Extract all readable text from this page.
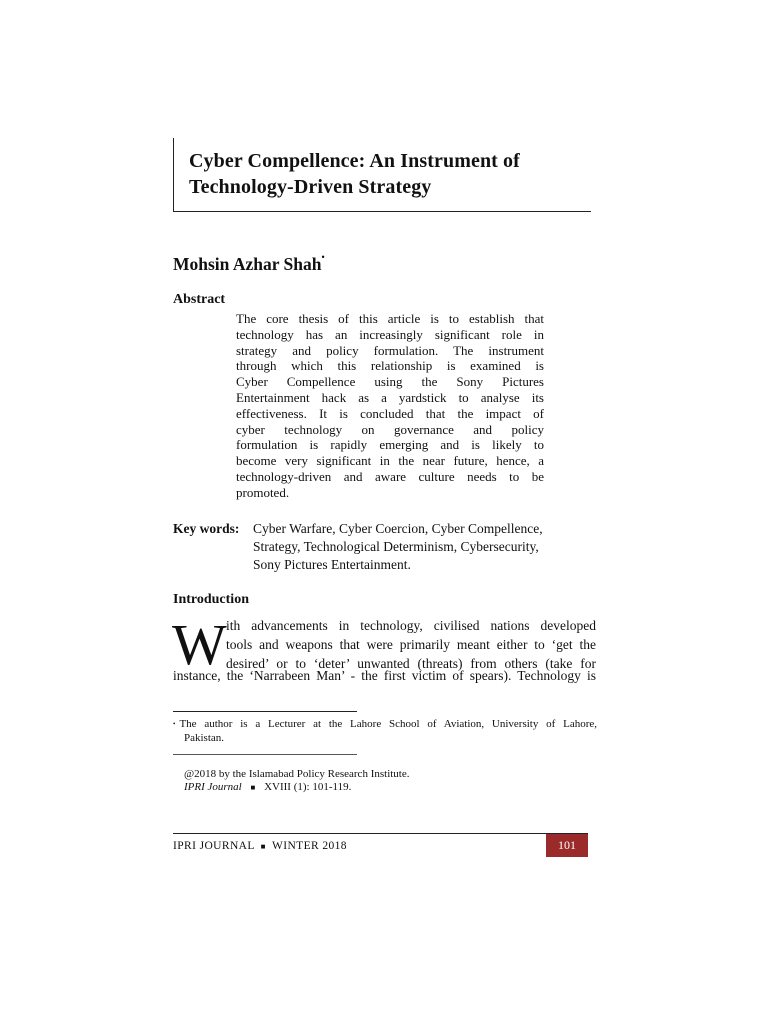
Cyber Compellence: An Instrument of
Technology-Driven Strategy
Mohsin Azhar Shah•
Abstract
The core thesis of this article is to establish that
technology has an increasingly significant role in
strategy and policy formulation. The instrument
through which this relationship is examined is
Cyber Compellence using the Sony Pictures
Entertainment hack as a yardstick to analyse its
effectiveness. It is concluded that the impact of
cyber technology on governance and policy
formulation is rapidly emerging and is likely to
become very significant in the near future, hence, a
technology-driven and aware culture needs to be
promoted.
Key words: Cyber Warfare, Cyber Coercion, Cyber Compellence,
Strategy, Technological Determinism, Cybersecurity,
Sony Pictures Entertainment.
Introduction
W ith advancements in technology, civilised nations developed
tools and weapons that were primarily meant either to ‘get the
desired’ or to ‘deter’ unwanted (threats) from others (take for
instance, the ‘Narrabeen Man’ - the first victim of spears). Technology is
• The author is a Lecturer at the Lahore School of Aviation, University of Lahore,
Pakistan.
@2018 by the Islamabad Policy Research Institute.
IPRI Journal ■ XVIII (1): 101-119.
IPRI JOURNAL ■ WINTER 2018	101
